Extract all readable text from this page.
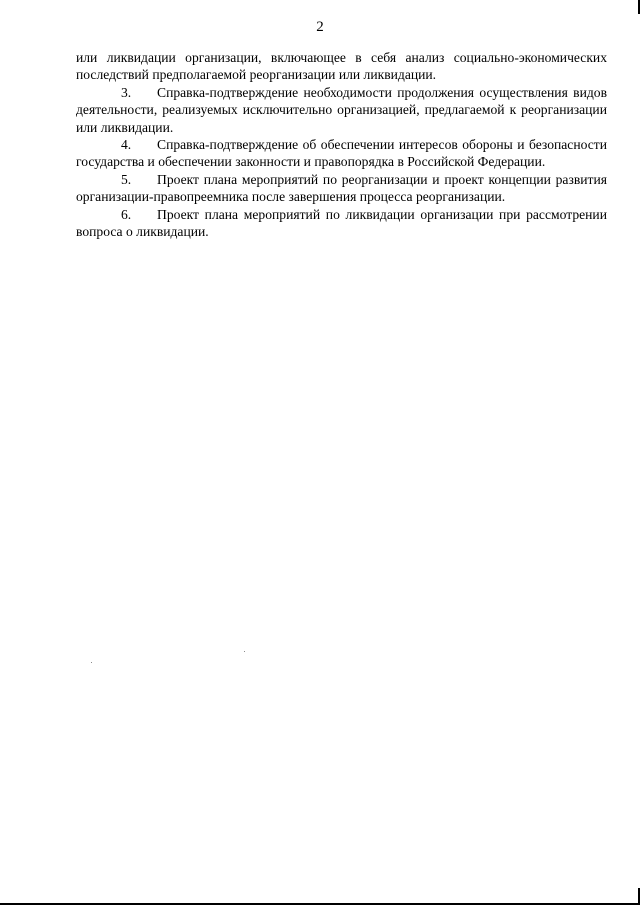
2

или ликвидации организации, включающее в себя анализ социально-экономических последствий предполагаемой реорганизации или ликвидации.

3. Справка-подтверждение необходимости продолжения осуществления видов деятельности, реализуемых исключительно организацией, предлагаемой к реорганизации или ликвидации.

4. Справка-подтверждение об обеспечении интересов обороны и безопасности государства и обеспечении законности и правопорядка в Российской Федерации.

5. Проект плана мероприятий по реорганизации и проект концепции развития организации-правопреемника после завершения процесса реорганизации.

6. Проект плана мероприятий по ликвидации организации при рассмотрении вопроса о ликвидации.
